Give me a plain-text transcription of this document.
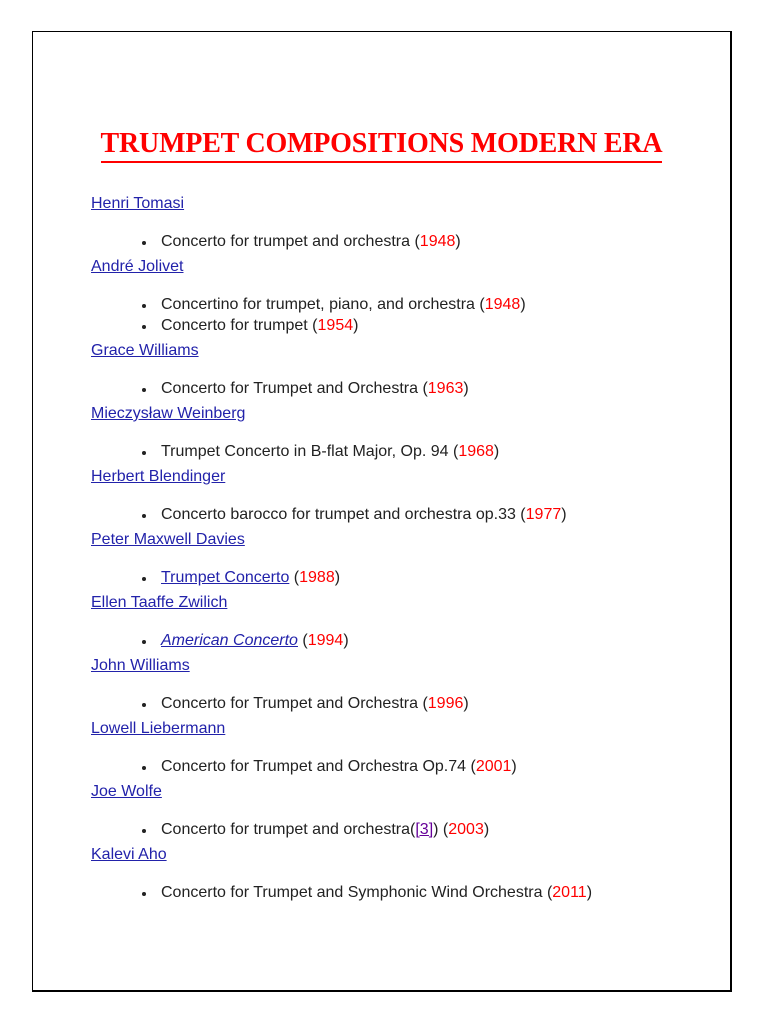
TRUMPET COMPOSITIONS MODERN ERA
Henri Tomasi
Concerto for trumpet and orchestra (1948)
André Jolivet
Concertino for trumpet, piano, and orchestra (1948)
Concerto for trumpet (1954)
Grace Williams
Concerto for Trumpet and Orchestra (1963)
Mieczysław Weinberg
Trumpet Concerto in B-flat Major, Op. 94 (1968)
Herbert Blendinger
Concerto barocco for trumpet and orchestra op.33 (1977)
Peter Maxwell Davies
Trumpet Concerto (1988)
Ellen Taaffe Zwilich
American Concerto (1994)
John Williams
Concerto for Trumpet and Orchestra (1996)
Lowell Liebermann
Concerto for Trumpet and Orchestra Op.74 (2001)
Joe Wolfe
Concerto for trumpet and orchestra([3]) (2003)
Kalevi Aho
Concerto for Trumpet and Symphonic Wind Orchestra (2011)
